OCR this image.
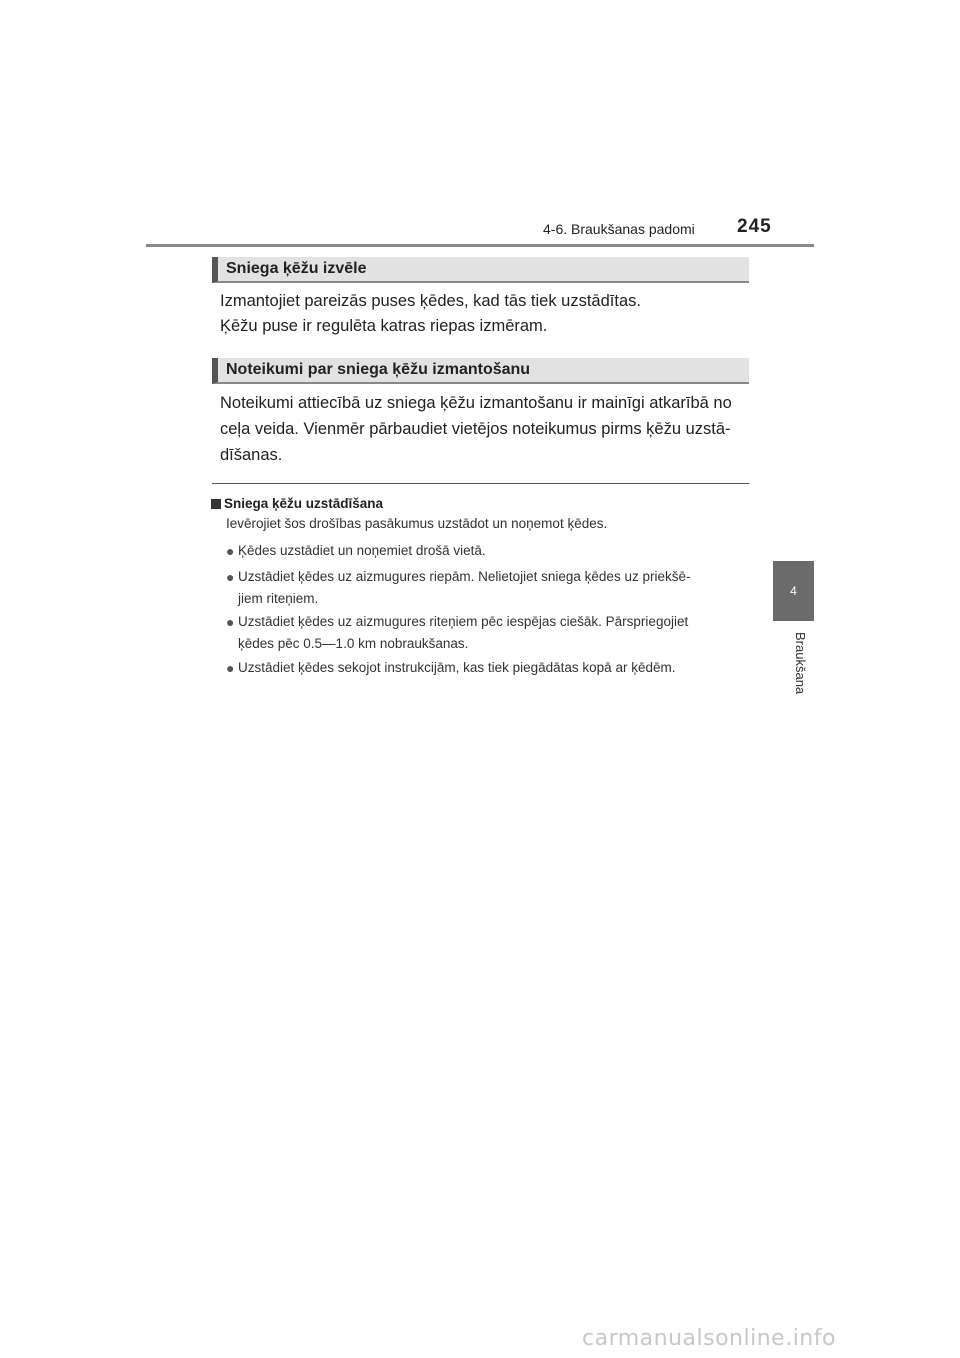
4-6. Braukšanas padomi 245
4
Braukšana
Sniega ķēžu izvēle
Izmantojiet pareizās puses ķēdes, kad tās tiek uzstādītas.
Ķēžu puse ir regulēta katras riepas izmēram.
Noteikumi par sniega ķēžu izmantošanu
Noteikumi attiecībā uz sniega ķēžu izmantošanu ir mainīgi atkarībā no
ceļa veida. Vienmēr pārbaudiet vietējos noteikumus pirms ķēžu uzstā-
dīšanas.
Sniega ķēžu uzstādīšana
Ievērojiet šos drošības pasākumus uzstādot un noņemot ķēdes.
● Ķēdes uzstādiet un noņemiet drošā vietā.
● Uzstādiet ķēdes uz aizmugures riepām. Nelietojiet sniega ķēdes uz priekšē-
jiem riteņiem.
● Uzstādiet ķēdes uz aizmugures riteņiem pēc iespējas ciešāk. Pārspriegojiet
ķēdes pēc 0.5—1.0 km nobraukšanas.
● Uzstādiet ķēdes sekojot instrukcijām, kas tiek piegādātas kopā ar ķēdēm.
carmanualsonline.info
